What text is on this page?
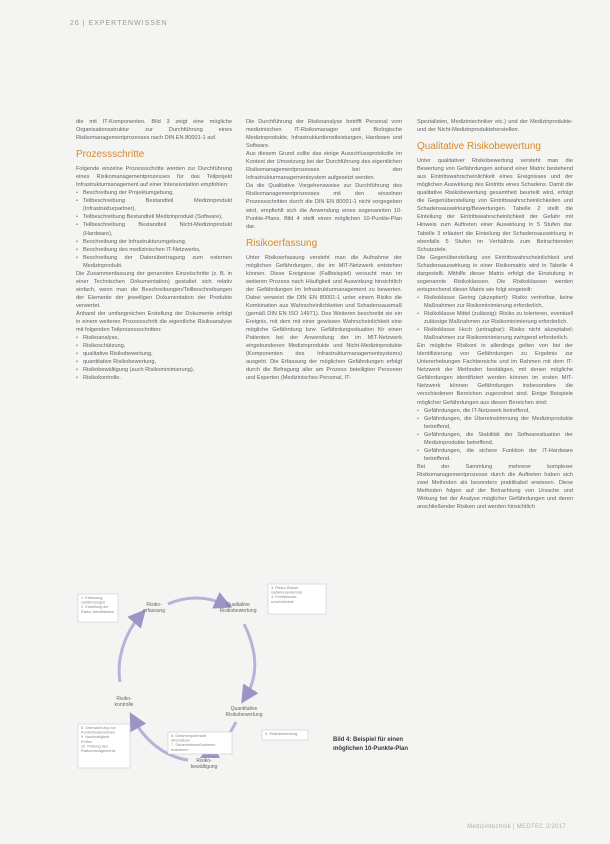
26 | EXPERTENWISSEN

die mit IT-Komponenten. Bild 3 zeigt eine mögliche Organisationsstruktur zur Durchführung eines Risikomanagementprozesses nach DIN EN 80001-1 auf.

Prozessschritte

Folgende einzelne Prozessschritte werden zur Durchführung eines Risikomanagementprozesses für das Teilprojekt Infrastrukturmanagement auf einer Intensivstation empfohlen:

• Beschreibung der Projektumgebung,
• Teilbeschreibung Bestandteil Medizinprodukt (Infrastrukturpartner),
• Teilbeschreibung Bestandteil Medizinprodukt (Software),
• Teilbeschreibung Bestandteil Nicht-Medizinprodukt (Hardware),
• Beschreibung der Infrastrukturumgebung,
• Beschreibung des medizinischen IT-Netzwerks,
• Beschreibung der Datenübertragung zum externen Medizinprodukt.

Die Zusammenfassung der genannten Einzelschritte (z. B. in einer Technischen Dokumentation) gestaltet sich relativ einfach, wenn man die Beschreibungen/Teilbeschreibungen der Elemente der jeweiligen Dokumentation der Produkte verwertet.

Anhand der umfangreichen Erstellung der Dokumente erfolgt in einem weiteren Prozessschritt die eigentliche Risikoanalyse mit folgenden Teilprozessschritten:

• Risikoanalyse,
• Risikoschätzung,
• qualitative Risikobewertung,
• quantitative Risikobewertung,
• Risikobewältigung (auch Risikominimierung),
• Risikokontrolle.

Die Durchführung der Risikoanalyse betrifft Personal vom medizinischen IT-Risikomanager und Biologische Medizinprodukte, Infrastrukturdienstleistungen, Hardware und Software.

Aus diesem Grund sollte das einige Ausschlussprotokolle im Kontext der Umsetzung bei der Durchführung des eigentlichen Risikomanagementprozesses bei den Infrastrukturmanagementsystem aufgesetzt werden.

Da die Qualitative Vorgehensweise zur Durchführung des Risikomanagementprozesses mit den einzelnen Prozessschritten durch die DIN EN 80001-1 nicht vorgegeben wird, empfiehlt sich die Anwendung eines sogenannten 10-Punkte-Plans. Bild 4 stellt einen möglichen 10-Punkte-Plan dar.

Risikoerfassung

Unter Risikoerfassung versteht man die Aufnahme der möglichen Gefährdungen, die im MIT-Netzwerk entstehen können. Diese Ereignisse (Fallbeispiel) versucht man im weiteren Prozess nach Häufigkeit und Auswirkung hinsichtlich der Gefährdungen im Infrastrukturmanagement zu bewerten. Dabei verweist die DIN EN 80001-1 unter einem Risiko die Kombination aus Wahrscheinlichkeiten und Schadensausmaß (gemäß DIN EN ISO 14971). Des Weiteren beschreibt sie ein Ereignis, mit dem mit einer gewissen Wahrscheinlichkeit eine mögliche Gefährdung bzw. Gefährdungssituation für einen Patienten bei der Anwendung der im MIT-Netzwerk eingebundenen Medizinprodukte und Nicht-Medizinprodukte (Komponenten des Infrastrukturmanagementsystems) ausgeht. Die Erfassung der möglichen Gefährdungen erfolgt durch die Befragung aller am Prozess beteiligten Personen und Experten (Medizinisches Personal, IT-

Spezialisten, Medizintechniker etc.) und der Medizinprodukte- und der Nicht-Medizinprodukteherstellerr.

Qualitative Risikobewertung

Unter qualitativer Risikobewertung versteht man die Bewertung von Gefährdungen anhand einer Matrix bestehend aus Eintrittswahrscheinlichkeit eines Ereignisses und der möglichen Auswirkung des Eintritts eines Schadens. Damit die qualitative Risikobewertung gesamtheit beurteilt wird, erfolgt die Gegenüberstellung von Eintrittswahrscheinlichkeiten und Schadensauswirkung/Bewertungen. Tabelle 2 stellt die Einteilung der Eintrittswahrscheinlichkeit der Gefahr mit Hinweis zum Auftreten einer Auswirkung in 5 Stufen dar. Tabelle 3 erläutert die Einteilung der Schadensauswirkung in ebenfalls 5 Stufen im Verhältnis zum Betrachtenden Schutzziele.

Die Gegenüberstellung von Eintrittswahrscheinlichkeit und Schadensauswirkung in einer Risikomatrix wird in Tabelle 4 dargestellt. Mithilfe dieser Matrix erfolgt die Einstufung in sogenannte Risikoklassen. Die Risikoklassen werden entsprechend dieser Matrix wie folgt eingeteilt:

• Risikoklasse Gering (akzeptiert): Risiko vertretbar, keine Maßnahmen zur Risikominimierung erforderlich,
• Risikoklasse Mittel (zulässig): Risiko zu tolerieren, eventuell zulässige Maßnahmen zur Risikominimierung erforderlich.
• Risikoklasse Hoch (untragbar): Risiko nicht akzeptabel; Maßnahmen zur Risikominimierung zwingend erforderlich.

Ein mögliche Risikoni in allerdings gelten von bei der Identifizierung von Gefährdungen zu Ergebnis zur Untererhebungen Fachbereiche und im Rahmen mit dem IT-Netzwerk der Methoden bestätigen, mit denen mögliche Gefährdungen identifiziert werden können im ersten MIT-Netzwerk können Gefährdungen insbesondere die verschiedenen Bereichen zugeordnet sind. Einige Beispiele möglicher Gefährdungen aus diesen Bereichen sind:

• Gefährdungen, die IT-Netzwerk betreffend,
• Gefährdungen, die Übereinstimmung der Medizinprodukte betreffend,
• Gefährdungen, die Stabilität der Softwaresituation der Medizinprodukte betreffend,
• Gefährdungen, die sichere Funktion der IT-Hardware betreffend.

Bei der Sammlung mehrerer komplexer Risikomanagementprozesse durch die Auftreten haben sich zwei Methoden als besonders praktikabel erwiesen. Diese Methoden folgen auf der Betrachtung von Ursache und Wirkung bei der Analyse möglicher Gefährdungen und deren anschließender Risiken und werden hinsichtlich

Risiko-
erfassung
Qualitative
Risikobewertung
Quantitative
Risikobewertung
Risiko-
bewältigung
Risiko-
kontrolle
1. Erfassung
Gefährdungen
2. Erstellung der
Risiko-Identifikation
3. Risiko-Klasse
Gefahrenpotenzial
4. Eintrittswahr-
scheinlichkeit
5. Risikobewertung
6. Gefahrenpotenzial
abschätzen
7. Sicherheitsmaßnahmen
evaluieren
8. Überwachung von
Kontrollmaßnahmen
9. Nachhaltigkeit
Prüfen
10. Prüfung des
Risikomanagements
Bild 4: Beispiel für einen möglichen 10-Punkte-Plan
Medizintechnik | MEDTEC 2/2017
